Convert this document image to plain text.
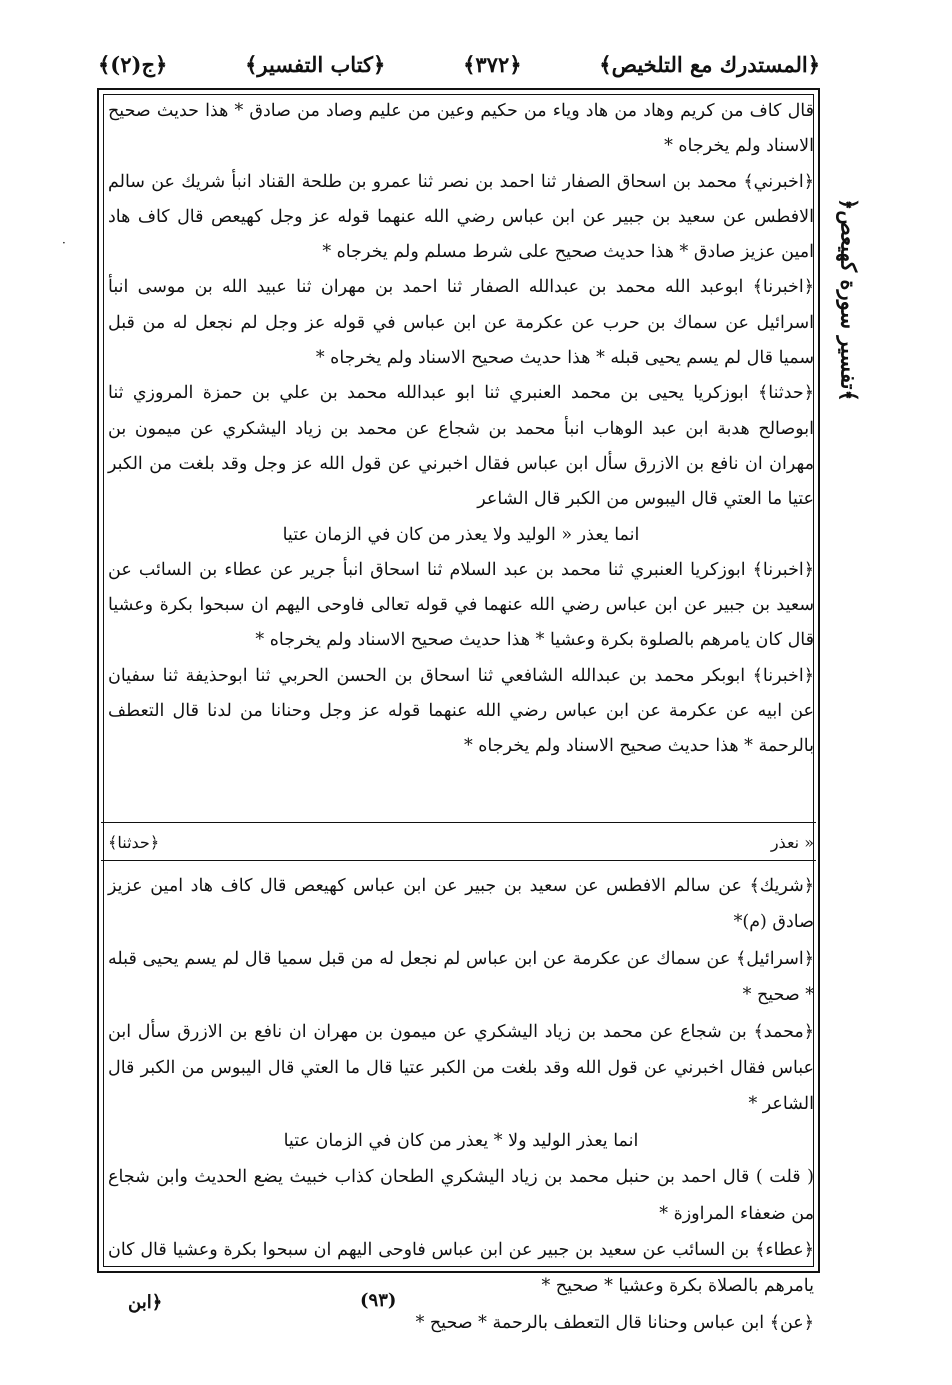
﴿المستدرك مع التلخيص﴾
﴿٣٧٢﴾
﴿كتاب التفسير﴾
﴿ج(٢)﴾
﴿تفسير سورة كهيعص﴾

قال كاف من كريم وهاد من هاد وياء من حكيم وعين من عليم وصاد من صادق * هذا حديث صحيح الاسناد ولم يخرجاه *

﴿اخبرني﴾ محمد بن اسحاق الصفار ثنا احمد بن نصر ثنا عمرو بن طلحة القناد انبأ شريك عن سالم الافطس عن سعيد بن جبير عن ابن عباس رضي الله عنهما قوله عز وجل كهيعص قال كاف هاد امين عزيز صادق * هذا حديث صحيح على شرط مسلم ولم يخرجاه *

﴿اخبرنا﴾ ابوعبد الله محمد بن عبدالله الصفار ثنا احمد بن مهران ثنا عبيد الله بن موسى انبأ اسرائيل عن سماك بن حرب عن عكرمة عن ابن عباس في قوله عز وجل لم نجعل له من قبل سميا قال لم يسم يحيى قبله * هذا حديث صحيح الاسناد ولم يخرجاه *

﴿حدثنا﴾ ابوزكريا يحيى بن محمد العنبري ثنا ابو عبدالله محمد بن علي بن حمزة المروزي ثنا ابوصالح هدبة ابن عبد الوهاب انبأ محمد بن شجاع عن محمد بن زياد اليشكري عن ميمون بن مهران ان نافع بن الازرق سأل ابن عباس فقال اخبرني عن قول الله عز وجل وقد بلغت من الكبر عتيا ما العتي قال اليبوس من الكبر قال الشاعر

انما يعذر « الوليد ولا يعذر من كان في الزمان عتيا

﴿اخبرنا﴾ ابوزكريا العنبري ثنا محمد بن عبد السلام ثنا اسحاق انبأ جرير عن عطاء بن السائب عن سعيد بن جبير عن ابن عباس رضي الله عنهما في قوله تعالى فاوحى اليهم ان سبحوا بكرة وعشيا قال كان يامرهم بالصلوة بكرة وعشيا * هذا حديث صحيح الاسناد ولم يخرجاه *

﴿اخبرنا﴾ ابوبكر محمد بن عبدالله الشافعي ثنا اسحاق بن الحسن الحربي ثنا ابوحذيفة ثنا سفيان عن ابيه عن عكرمة عن ابن عباس رضي الله عنهما قوله عز وجل وحنانا من لدنا قال التعطف بالرحمة * هذا حديث صحيح الاسناد ولم يخرجاه *

« نعذر
﴿حدثنا﴾

﴿شريك﴾ عن سالم الافطس عن سعيد بن جبير عن ابن عباس كهيعص قال كاف هاد امين عزيز صادق (م)*

﴿اسرائيل﴾ عن سماك عن عكرمة عن ابن عباس لم نجعل له من قبل سميا قال لم يسم يحيى قبله * صحيح *

﴿محمد﴾ بن شجاع عن محمد بن زياد اليشكري عن ميمون بن مهران ان نافع بن الازرق سأل ابن عباس فقال اخبرني عن قول الله وقد بلغت من الكبر عتيا قال ما العتي قال اليبوس من الكبر قال الشاعر *

انما يعذر الوليد ولا * يعذر من كان في الزمان عتيا

( قلت ) قال احمد بن حنبل محمد بن زياد اليشكري الطحان كذاب خبيث يضع الحديث وابن شجاع من ضعفاء المراوزة *

﴿عطاء﴾ بن السائب عن سعيد بن جبير عن ابن عباس فاوحى اليهم ان سبحوا بكرة وعشيا قال كان يامرهم بالصلاة بكرة وعشيا * صحيح *

﴿عن﴾ ابن عباس وحنانا قال التعطف بالرحمة * صحيح *

(٩٣)
﴿ابن
·
